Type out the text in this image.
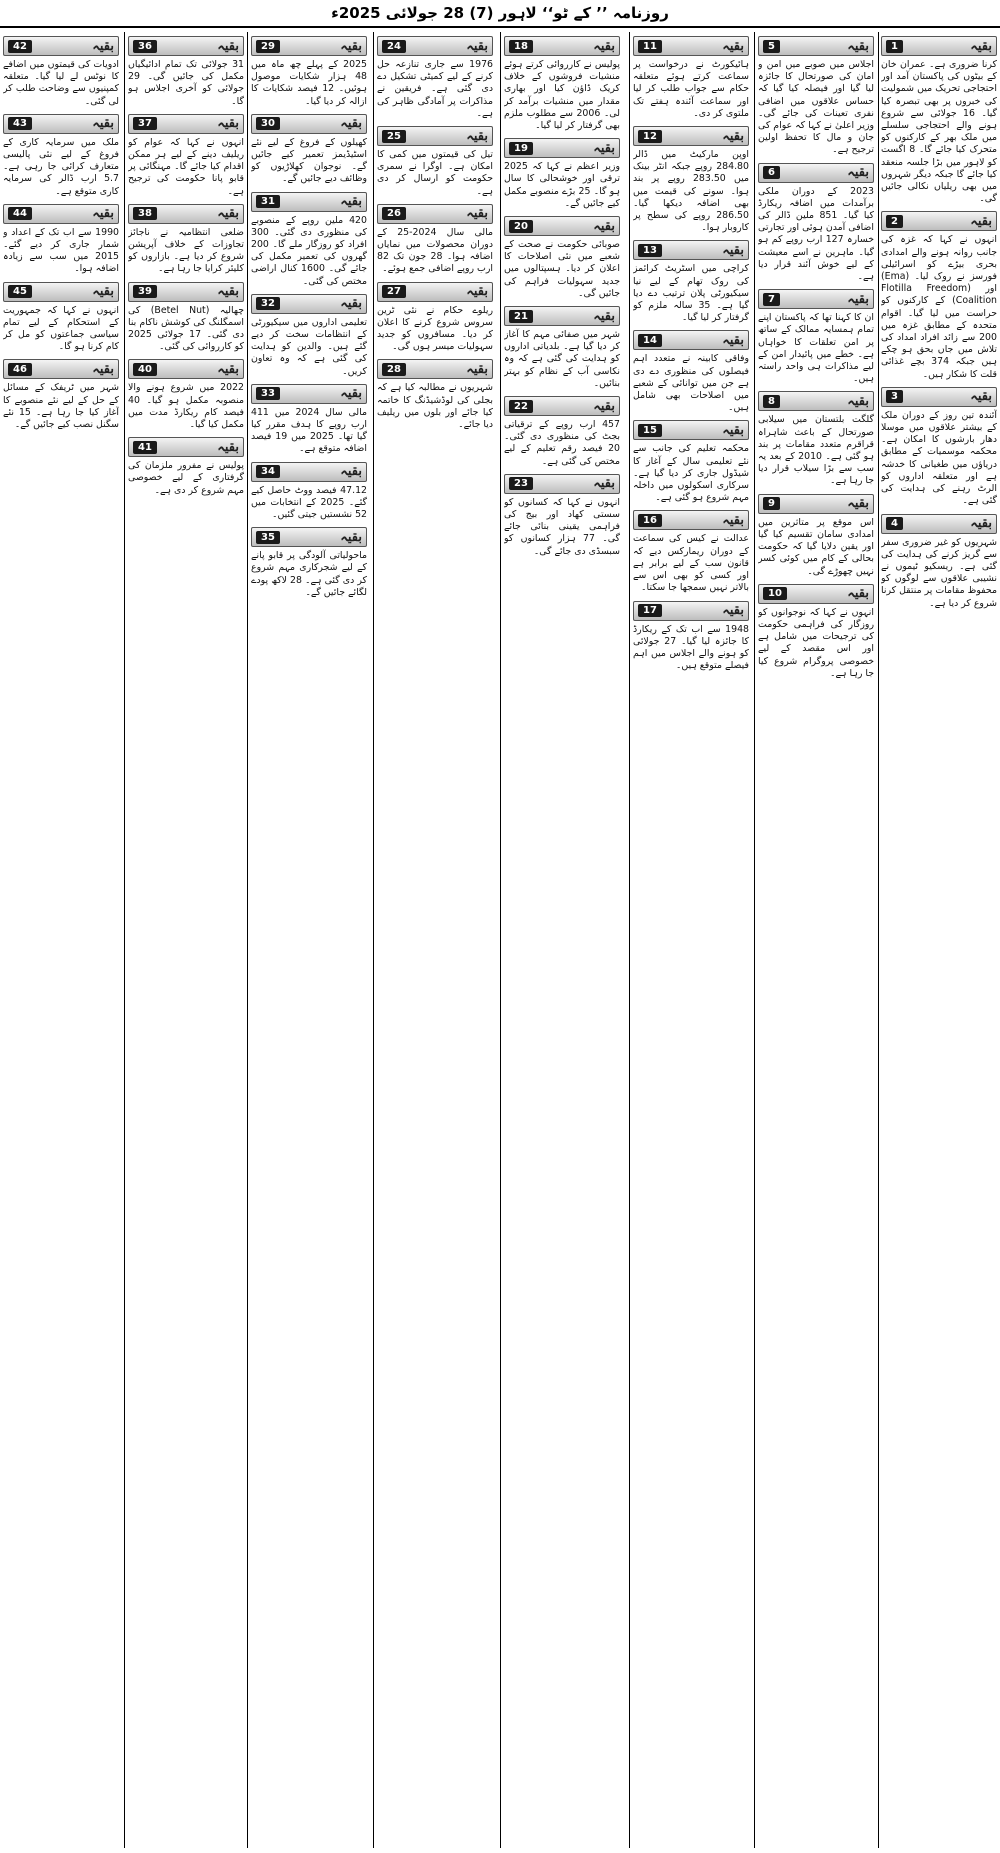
روزنامہ ’’ کے ٹو‘‘ لاہور (7) 28 جولائی 2025ء
1	بقیہ

کرنا ضروری ہے۔ عمران خان کے بیٹوں کی پاکستان آمد اور احتجاجی تحریک میں شمولیت کی خبروں پر بھی تبصرہ کیا گیا۔ 16 جولائی سے شروع ہونے والے احتجاجی سلسلے میں ملک بھر کے کارکنوں کو متحرک کیا جائے گا۔ 8 اگست کو لاہور میں بڑا جلسہ منعقد کیا جائے گا جبکہ دیگر شہروں میں بھی ریلیاں نکالی جائیں گی۔

2	بقیہ

انہوں نے کہا کہ غزہ کی جانب روانہ ہونے والے امدادی بحری بیڑے کو اسرائیلی فورسز نے روک لیا۔ (Ema) اور (Flotilla Freedom Coalition) کے کارکنوں کو حراست میں لیا گیا۔ اقوام متحدہ کے مطابق غزہ میں 200 سے زائد افراد امداد کی تلاش میں جاں بحق ہو چکے ہیں جبکہ 374 بچے غذائی قلت کا شکار ہیں۔

3	بقیہ

آئندہ تین روز کے دوران ملک کے بیشتر علاقوں میں موسلا دھار بارشوں کا امکان ہے۔ محکمہ موسمیات کے مطابق دریاؤں میں طغیانی کا خدشہ ہے اور متعلقہ اداروں کو الرٹ رہنے کی ہدایت کی گئی ہے۔

4	بقیہ

شہریوں کو غیر ضروری سفر سے گریز کرنے کی ہدایت کی گئی ہے۔ ریسکیو ٹیموں نے نشیبی علاقوں سے لوگوں کو محفوظ مقامات پر منتقل کرنا شروع کر دیا ہے۔

5	بقیہ

اجلاس میں صوبے میں امن و امان کی صورتحال کا جائزہ لیا گیا اور فیصلہ کیا گیا کہ حساس علاقوں میں اضافی نفری تعینات کی جائے گی۔ وزیر اعلیٰ نے کہا کہ عوام کی جان و مال کا تحفظ اولین ترجیح ہے۔

6	بقیہ

2023 کے دوران ملکی برآمدات میں اضافہ ریکارڈ کیا گیا۔ 851 ملین ڈالر کی اضافی آمدن ہوئی اور تجارتی خسارہ 127 ارب روپے کم ہو گیا۔ ماہرین نے اسے معیشت کے لیے خوش آئند قرار دیا ہے۔

7	بقیہ

ان کا کہنا تھا کہ پاکستان اپنے تمام ہمسایہ ممالک کے ساتھ پر امن تعلقات کا خواہاں ہے۔ خطے میں پائیدار امن کے لیے مذاکرات ہی واحد راستہ ہیں۔

8	بقیہ

گلگت بلتستان میں سیلابی صورتحال کے باعث شاہراہ قراقرم متعدد مقامات پر بند ہو گئی ہے۔ 2010 کے بعد یہ سب سے بڑا سیلاب قرار دیا جا رہا ہے۔

9	بقیہ

اس موقع پر متاثرین میں امدادی سامان تقسیم کیا گیا اور یقین دلایا گیا کہ حکومت بحالی کے کام میں کوئی کسر نہیں چھوڑے گی۔

10	بقیہ

انہوں نے کہا کہ نوجوانوں کو روزگار کی فراہمی حکومت کی ترجیحات میں شامل ہے اور اس مقصد کے لیے خصوصی پروگرام شروع کیا جا رہا ہے۔

11	بقیہ

ہائیکورٹ نے درخواست پر سماعت کرتے ہوئے متعلقہ حکام سے جواب طلب کر لیا اور سماعت آئندہ ہفتے تک ملتوی کر دی۔

12	بقیہ

اوپن مارکیٹ میں ڈالر 284.80 روپے جبکہ انٹر بینک میں 283.50 روپے پر بند ہوا۔ سونے کی قیمت میں بھی اضافہ دیکھا گیا۔ 286.50 روپے کی سطح پر کاروبار ہوا۔

13	بقیہ

کراچی میں اسٹریٹ کرائمز کی روک تھام کے لیے نیا سیکیورٹی پلان ترتیب دے دیا گیا ہے۔ 35 سالہ ملزم کو گرفتار کر لیا گیا۔

14	بقیہ

وفاقی کابینہ نے متعدد اہم فیصلوں کی منظوری دے دی ہے جن میں توانائی کے شعبے میں اصلاحات بھی شامل ہیں۔

15	بقیہ

محکمہ تعلیم کی جانب سے نئے تعلیمی سال کے آغاز کا شیڈول جاری کر دیا گیا ہے۔ سرکاری اسکولوں میں داخلہ مہم شروع ہو گئی ہے۔

16	بقیہ

عدالت نے کیس کی سماعت کے دوران ریمارکس دیے کہ قانون سب کے لیے برابر ہے اور کسی کو بھی اس سے بالاتر نہیں سمجھا جا سکتا۔

17	بقیہ

1948 سے اب تک کے ریکارڈ کا جائزہ لیا گیا۔ 27 جولائی کو ہونے والے اجلاس میں اہم فیصلے متوقع ہیں۔

18	بقیہ

پولیس نے کارروائی کرتے ہوئے منشیات فروشوں کے خلاف کریک ڈاؤن کیا اور بھاری مقدار میں منشیات برآمد کر لی۔ 2006 سے مطلوب ملزم بھی گرفتار کر لیا گیا۔

19	بقیہ

وزیر اعظم نے کہا کہ 2025 ترقی اور خوشحالی کا سال ہو گا۔ 25 بڑے منصوبے مکمل کیے جائیں گے۔

20	بقیہ

صوبائی حکومت نے صحت کے شعبے میں نئی اصلاحات کا اعلان کر دیا۔ ہسپتالوں میں جدید سہولیات فراہم کی جائیں گی۔

21	بقیہ

شہر میں صفائی مہم کا آغاز کر دیا گیا ہے۔ بلدیاتی اداروں کو ہدایت کی گئی ہے کہ وہ نکاسی آب کے نظام کو بہتر بنائیں۔

22	بقیہ

457 ارب روپے کے ترقیاتی بجٹ کی منظوری دی گئی۔ 20 فیصد رقم تعلیم کے لیے مختص کی گئی ہے۔

23	بقیہ

انہوں نے کہا کہ کسانوں کو سستی کھاد اور بیج کی فراہمی یقینی بنائی جائے گی۔ 77 ہزار کسانوں کو سبسڈی دی جائے گی۔

24	بقیہ

1976 سے جاری تنازعہ حل کرنے کے لیے کمیٹی تشکیل دے دی گئی ہے۔ فریقین نے مذاکرات پر آمادگی ظاہر کی ہے۔

25	بقیہ

تیل کی قیمتوں میں کمی کا امکان ہے۔ اوگرا نے سمری حکومت کو ارسال کر دی ہے۔

26	بقیہ

مالی سال 2024-25 کے دوران محصولات میں نمایاں اضافہ ہوا۔ 28 جون تک 82 ارب روپے اضافی جمع ہوئے۔

27	بقیہ

ریلوے حکام نے نئی ٹرین سروس شروع کرنے کا اعلان کر دیا۔ مسافروں کو جدید سہولیات میسر ہوں گی۔

28	بقیہ

شہریوں نے مطالبہ کیا ہے کہ بجلی کی لوڈشیڈنگ کا خاتمہ کیا جائے اور بلوں میں ریلیف دیا جائے۔

29	بقیہ

2025 کے پہلے چھ ماہ میں 48 ہزار شکایات موصول ہوئیں۔ 12 فیصد شکایات کا ازالہ کر دیا گیا۔

30	بقیہ

کھیلوں کے فروغ کے لیے نئے اسٹیڈیمز تعمیر کیے جائیں گے۔ نوجوان کھلاڑیوں کو وظائف دیے جائیں گے۔

31	بقیہ

420 ملین روپے کے منصوبے کی منظوری دی گئی۔ 300 افراد کو روزگار ملے گا۔ 200 گھروں کی تعمیر مکمل کی جائے گی۔ 1600 کنال اراضی مختص کی گئی۔

32	بقیہ

تعلیمی اداروں میں سیکیورٹی کے انتظامات سخت کر دیے گئے ہیں۔ والدین کو ہدایت کی گئی ہے کہ وہ تعاون کریں۔

33	بقیہ

مالی سال 2024 میں 411 ارب روپے کا ہدف مقرر کیا گیا تھا۔ 2025 میں 19 فیصد اضافہ متوقع ہے۔

34	بقیہ

47.12 فیصد ووٹ حاصل کیے گئے۔ 2025 کے انتخابات میں 52 نشستیں جیتی گئیں۔

35	بقیہ

ماحولیاتی آلودگی پر قابو پانے کے لیے شجرکاری مہم شروع کر دی گئی ہے۔ 28 لاکھ پودے لگائے جائیں گے۔

36	بقیہ

31 جولائی تک تمام ادائیگیاں مکمل کی جائیں گی۔ 29 جولائی کو آخری اجلاس ہو گا۔

37	بقیہ

انہوں نے کہا کہ عوام کو ریلیف دینے کے لیے ہر ممکن اقدام کیا جائے گا۔ مہنگائی پر قابو پانا حکومت کی ترجیح ہے۔

38	بقیہ

ضلعی انتظامیہ نے ناجائز تجاوزات کے خلاف آپریشن شروع کر دیا ہے۔ بازاروں کو کلیئر کرایا جا رہا ہے۔

39	بقیہ

چھالیہ (Betel Nut) کی اسمگلنگ کی کوشش ناکام بنا دی گئی۔ 17 جولائی 2025 کو کارروائی کی گئی۔

40	بقیہ

2022 میں شروع ہونے والا منصوبہ مکمل ہو گیا۔ 40 فیصد کام ریکارڈ مدت میں مکمل کیا گیا۔

41	بقیہ

پولیس نے مفرور ملزمان کی گرفتاری کے لیے خصوصی مہم شروع کر دی ہے۔

42	بقیہ

ادویات کی قیمتوں میں اضافے کا نوٹس لے لیا گیا۔ متعلقہ کمپنیوں سے وضاحت طلب کر لی گئی۔

43	بقیہ

ملک میں سرمایہ کاری کے فروغ کے لیے نئی پالیسی متعارف کرائی جا رہی ہے۔ 5.7 ارب ڈالر کی سرمایہ کاری متوقع ہے۔

44	بقیہ

1990 سے اب تک کے اعداد و شمار جاری کر دیے گئے۔ 2015 میں سب سے زیادہ اضافہ ہوا۔

45	بقیہ

انہوں نے کہا کہ جمہوریت کے استحکام کے لیے تمام سیاسی جماعتوں کو مل کر کام کرنا ہو گا۔

46	بقیہ

شہر میں ٹریفک کے مسائل کے حل کے لیے نئے منصوبے کا آغاز کیا جا رہا ہے۔ 15 نئے سگنل نصب کیے جائیں گے۔
